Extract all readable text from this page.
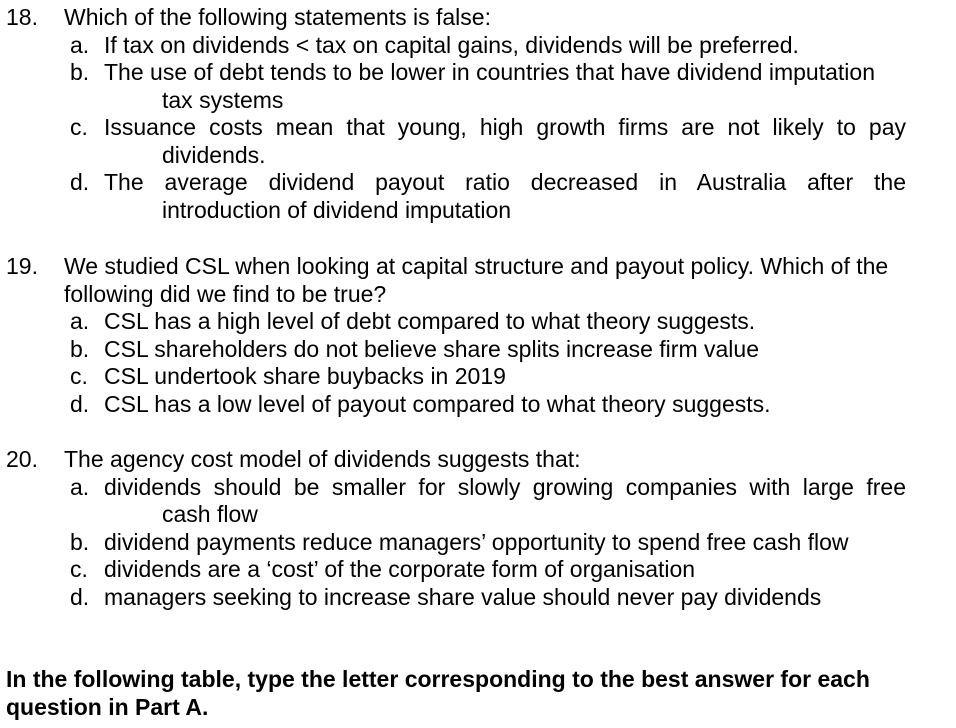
18. Which of the following statements is false:
a. If tax on dividends < tax on capital gains, dividends will be preferred.
b. The use of debt tends to be lower in countries that have dividend imputation
tax systems
c. Issuance costs mean that young, high growth firms are not likely to pay
dividends.
d. The average dividend payout ratio decreased in Australia after the
introduction of dividend imputation
19. We studied CSL when looking at capital structure and payout policy. Which of the
following did we find to be true?
a. CSL has a high level of debt compared to what theory suggests.
b. CSL shareholders do not believe share splits increase firm value
c. CSL undertook share buybacks in 2019
d. CSL has a low level of payout compared to what theory suggests.
20. The agency cost model of dividends suggests that:
a. dividends should be smaller for slowly growing companies with large free
cash flow
b. dividend payments reduce managers’ opportunity to spend free cash flow
c. dividends are a ‘cost’ of the corporate form of organisation
d. managers seeking to increase share value should never pay dividends
In the following table, type the letter corresponding to the best answer for each question in Part A.
